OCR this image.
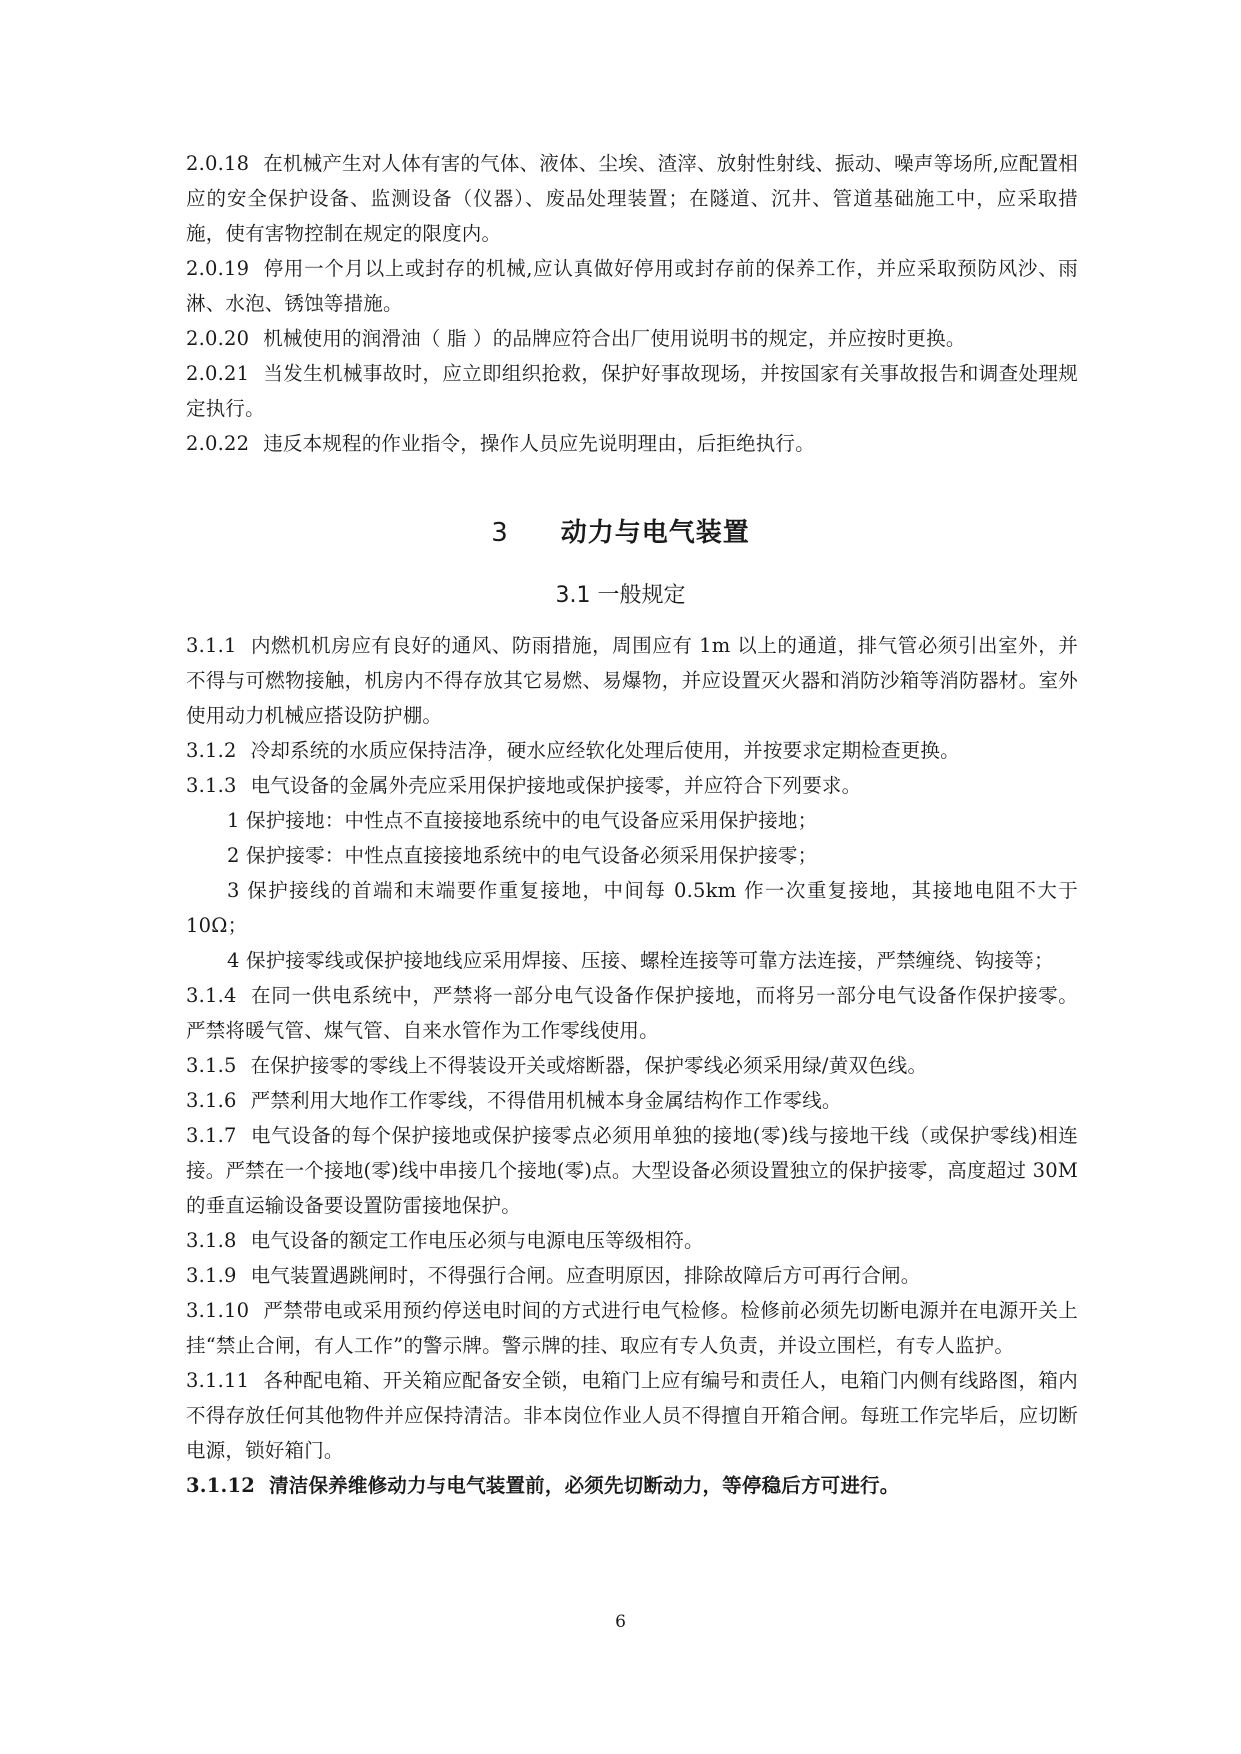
2.0.18 在机械产生对人体有害的气体、液体、尘埃、渣滓、放射性射线、振动、噪声等场所,应配置相应的安全保护设备、监测设备（仪器）、废品处理装置；在隧道、沉井、管道基础施工中，应采取措施，使有害物控制在规定的限度内。

2.0.19 停用一个月以上或封存的机械,应认真做好停用或封存前的保养工作，并应采取预防风沙、雨淋、水泡、锈蚀等措施。

2.0.20 机械使用的润滑油（ 脂 ）的品牌应符合出厂使用说明书的规定，并应按时更换。

2.0.21 当发生机械事故时，应立即组织抢救，保护好事故现场，并按国家有关事故报告和调查处理规定执行。

2.0.22 违反本规程的作业指令，操作人员应先说明理由，后拒绝执行。

3 动力与电气装置
3.1 一般规定

3.1.1 内燃机机房应有良好的通风、防雨措施，周围应有 1m 以上的通道，排气管必须引出室外，并不得与可燃物接触，机房内不得存放其它易燃、易爆物，并应设置灭火器和消防沙箱等消防器材。室外使用动力机械应搭设防护棚。

3.1.2 冷却系统的水质应保持洁净，硬水应经软化处理后使用，并按要求定期检查更换。

3.1.3 电气设备的金属外壳应采用保护接地或保护接零，并应符合下列要求。

1 保护接地：中性点不直接接地系统中的电气设备应采用保护接地；

2 保护接零：中性点直接接地系统中的电气设备必须采用保护接零；

3 保护接线的首端和末端要作重复接地，中间每 0.5km 作一次重复接地，其接地电阻不大于 10Ω；

4 保护接零线或保护接地线应采用焊接、压接、螺栓连接等可靠方法连接，严禁缠绕、钩接等；

3.1.4 在同一供电系统中，严禁将一部分电气设备作保护接地，而将另一部分电气设备作保护接零。严禁将暖气管、煤气管、自来水管作为工作零线使用。

3.1.5 在保护接零的零线上不得装设开关或熔断器，保护零线必须采用绿/黄双色线。

3.1.6 严禁利用大地作工作零线，不得借用机械本身金属结构作工作零线。

3.1.7 电气设备的每个保护接地或保护接零点必须用单独的接地(零)线与接地干线（或保护零线)相连接。严禁在一个接地(零)线中串接几个接地(零)点。大型设备必须设置独立的保护接零，高度超过 30M 的垂直运输设备要设置防雷接地保护。

3.1.8 电气设备的额定工作电压必须与电源电压等级相符。

3.1.9 电气装置遇跳闸时，不得强行合闸。应查明原因，排除故障后方可再行合闸。

3.1.10 严禁带电或采用预约停送电时间的方式进行电气检修。检修前必须先切断电源并在电源开关上挂“禁止合闸，有人工作”的警示牌。警示牌的挂、取应有专人负责，并设立围栏，有专人监护。

3.1.11 各种配电箱、开关箱应配备安全锁，电箱门上应有编号和责任人，电箱门内侧有线路图，箱内不得存放任何其他物件并应保持清洁。非本岗位作业人员不得擅自开箱合闸。每班工作完毕后，应切断电源，锁好箱门。

3.1.12 清洁保养维修动力与电气装置前，必须先切断动力，等停稳后方可进行。

6
